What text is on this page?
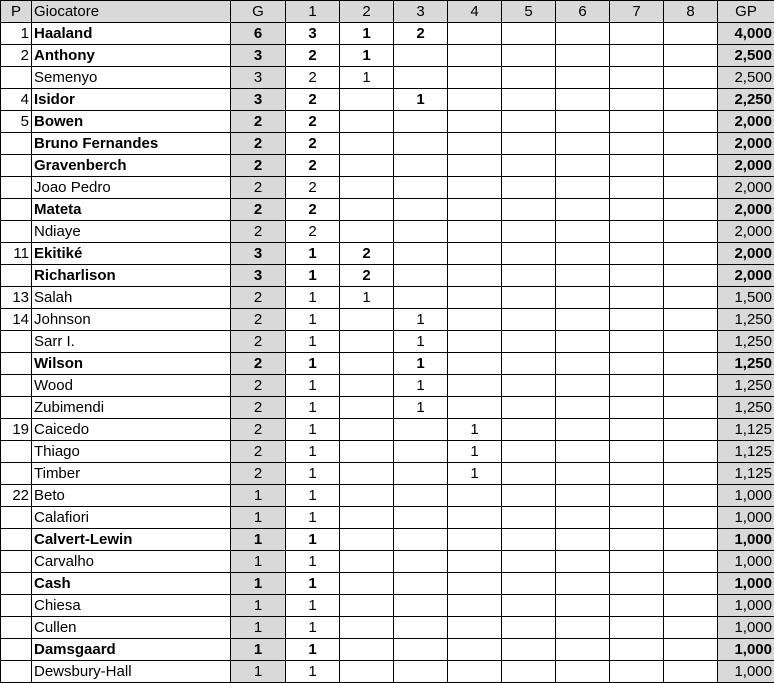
P	Giocatore	G	1	2	3	4	5	6	7	8	GP
1	Haaland	6	3	1	2						4,000
2	Anthony	3	2	1							2,500
	Semenyo	3	2	1							2,500
4	Isidor	3	2		1						2,250
5	Bowen	2	2								2,000
	Bruno Fernandes	2	2								2,000
	Gravenberch	2	2								2,000
	Joao Pedro	2	2								2,000
	Mateta	2	2								2,000
	Ndiaye	2	2								2,000
11	Ekitiké	3	1	2							2,000
	Richarlison	3	1	2							2,000
13	Salah	2	1	1							1,500
14	Johnson	2	1		1						1,250
	Sarr I.	2	1		1						1,250
	Wilson	2	1		1						1,250
	Wood	2	1		1						1,250
	Zubimendi	2	1		1						1,250
19	Caicedo	2	1			1					1,125
	Thiago	2	1			1					1,125
	Timber	2	1			1					1,125
22	Beto	1	1								1,000
	Calafiori	1	1								1,000
	Calvert-Lewin	1	1								1,000
	Carvalho	1	1								1,000
	Cash	1	1								1,000
	Chiesa	1	1								1,000
	Cullen	1	1								1,000
	Damsgaard	1	1								1,000
	Dewsbury-Hall	1	1								1,000
